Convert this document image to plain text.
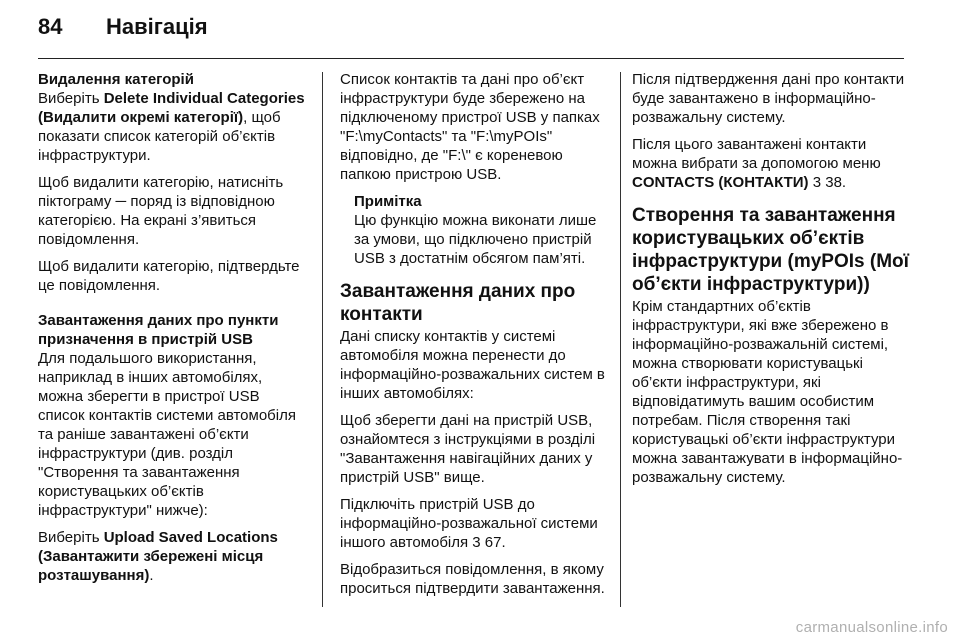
84 Навігація

Видалення категорій

Виберіть Delete Individual Categories (Видалити окремі категорії), щоб показати список категорій об’єктів інфраструктури.

Щоб видалити категорію, натисніть піктограму ─ поряд із відповідною категорією. На екрані з’явиться повідомлення.

Щоб видалити категорію, підтвердьте це повідомлення.

Завантаження даних про пункти призначення в пристрій USB

Для подальшого використання, наприклад в інших автомобілях, можна зберегти в пристрої USB список контактів системи автомобіля та раніше завантажені об’єкти інфраструктури (див. розділ "Створення та завантаження користувацьких об’єктів інфраструктури" нижче):

Виберіть Upload Saved Locations (Завантажити збережені місця розташування).

Список контактів та дані про об’єкт інфраструктури буде збережено на підключеному пристрої USB у папках "F:\myContacts" та "F:\myPOIs" відповідно, де "F:\" є кореневою папкою пристрою USB.

Примітка

Цю функцію можна виконати лише за умови, що підключено пристрій USB з достатнім обсягом пам’яті.

Завантаження даних про контакти

Дані списку контактів у системі автомобіля можна перенести до інформаційно-розважальних систем в інших автомобілях:

Щоб зберегти дані на пристрій USB, ознайомтеся з інструкціями в розділі "Завантаження навігаційних даних у пристрій USB" вище.

Підключіть пристрій USB до інформаційно-розважальної системи іншого автомобіля 3 67.

Відобразиться повідомлення, в якому проситься підтвердити завантаження.

Після підтвердження дані про контакти буде завантажено в інформаційно-розважальну систему.

Після цього завантажені контакти можна вибрати за допомогою меню CONTACTS (КОНТАКТИ) 3 38.

Створення та завантаження користувацьких об’єктів інфраструктури (myPOIs (Мої об’єкти інфраструктури))

Крім стандартних об’єктів інфраструктури, які вже збережено в інформаційно-розважальній системі, можна створювати користувацькі об’єкти інфраструктури, які відповідатимуть вашим особистим потребам. Після створення такі користувацькі об’єкти інфраструктури можна завантажувати в інформаційно-розважальну систему.

carmanualsonline.info
